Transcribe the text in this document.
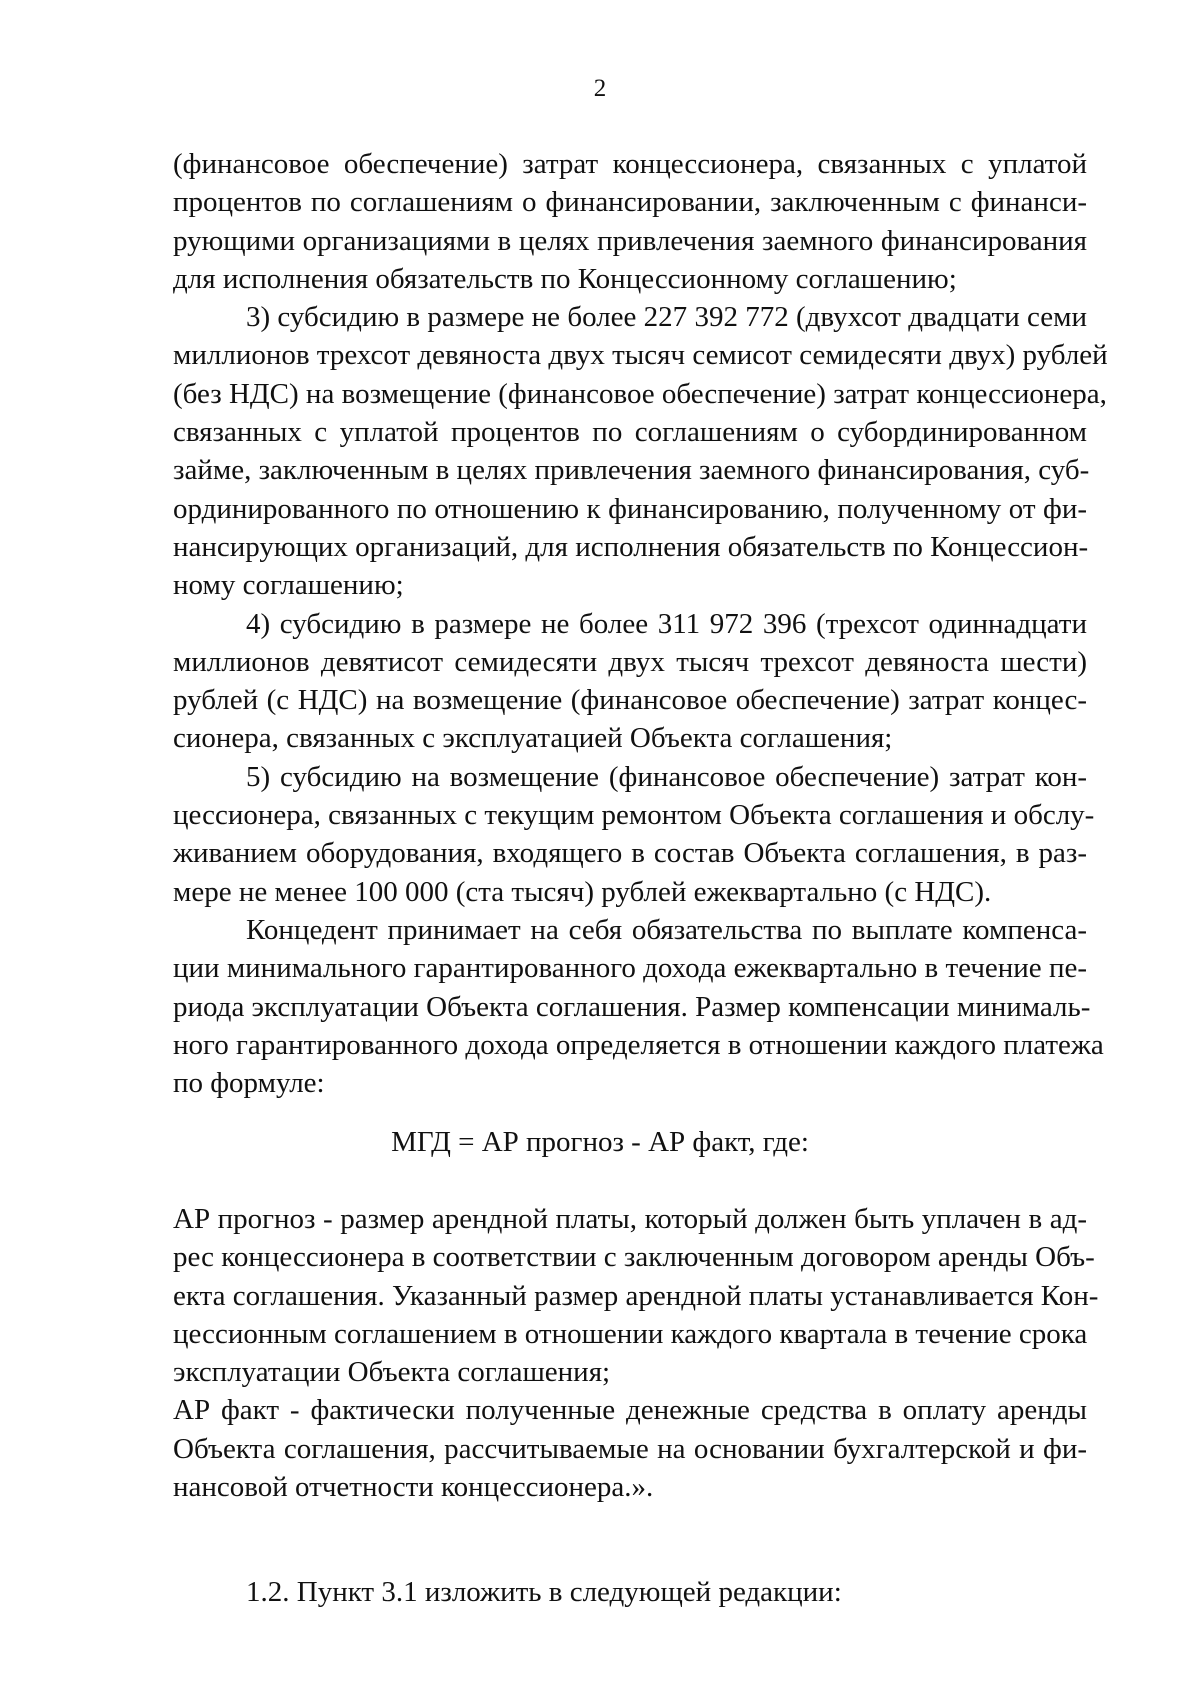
2
(финансовое обеспечение) затрат концессионера, связанных с уплатой
процентов по соглашениям о финансировании, заключенным с финанси-
рующими организациями в целях привлечения заемного финансирования
для исполнения обязательств по Концессионному соглашению;
3) субсидию в размере не более 227 392 772 (двухсот двадцати семи
миллионов трехсот девяноста двух тысяч семисот семидесяти двух) рублей
(без НДС) на возмещение (финансовое обеспечение) затрат концессионера,
связанных с уплатой процентов по соглашениям о субординированном
займе, заключенным в целях привлечения заемного финансирования, суб-
ординированного по отношению к финансированию, полученному от фи-
нансирующих организаций, для исполнения обязательств по Концессион-
ному соглашению;
4) субсидию в размере не более 311 972 396 (трехсот одиннадцати
миллионов девятисот семидесяти двух тысяч трехсот девяноста шести)
рублей (с НДС) на возмещение (финансовое обеспечение) затрат концес-
сионера, связанных с эксплуатацией Объекта соглашения;
5) субсидию на возмещение (финансовое обеспечение) затрат кон-
цессионера, связанных с текущим ремонтом Объекта соглашения и обслу-
живанием оборудования, входящего в состав Объекта соглашения, в раз-
мере не менее 100 000 (ста тысяч) рублей ежеквартально (с НДС).
Концедент принимает на себя обязательства по выплате компенса-
ции минимального гарантированного дохода ежеквартально в течение пе-
риода эксплуатации Объекта соглашения. Размер компенсации минималь-
ного гарантированного дохода определяется в отношении каждого платежа
по формуле:
МГД = АР прогноз - АР факт, где:
АР прогноз - размер арендной платы, который должен быть уплачен в ад-
рес концессионера в соответствии с заключенным договором аренды Объ-
екта соглашения. Указанный размер арендной платы устанавливается Кон-
цессионным соглашением в отношении каждого квартала в течение срока
эксплуатации Объекта соглашения;
АР факт - фактически полученные денежные средства в оплату аренды
Объекта соглашения, рассчитываемые на основании бухгалтерской и фи-
нансовой отчетности концессионера.».
1.2. Пункт 3.1 изложить в следующей редакции:
